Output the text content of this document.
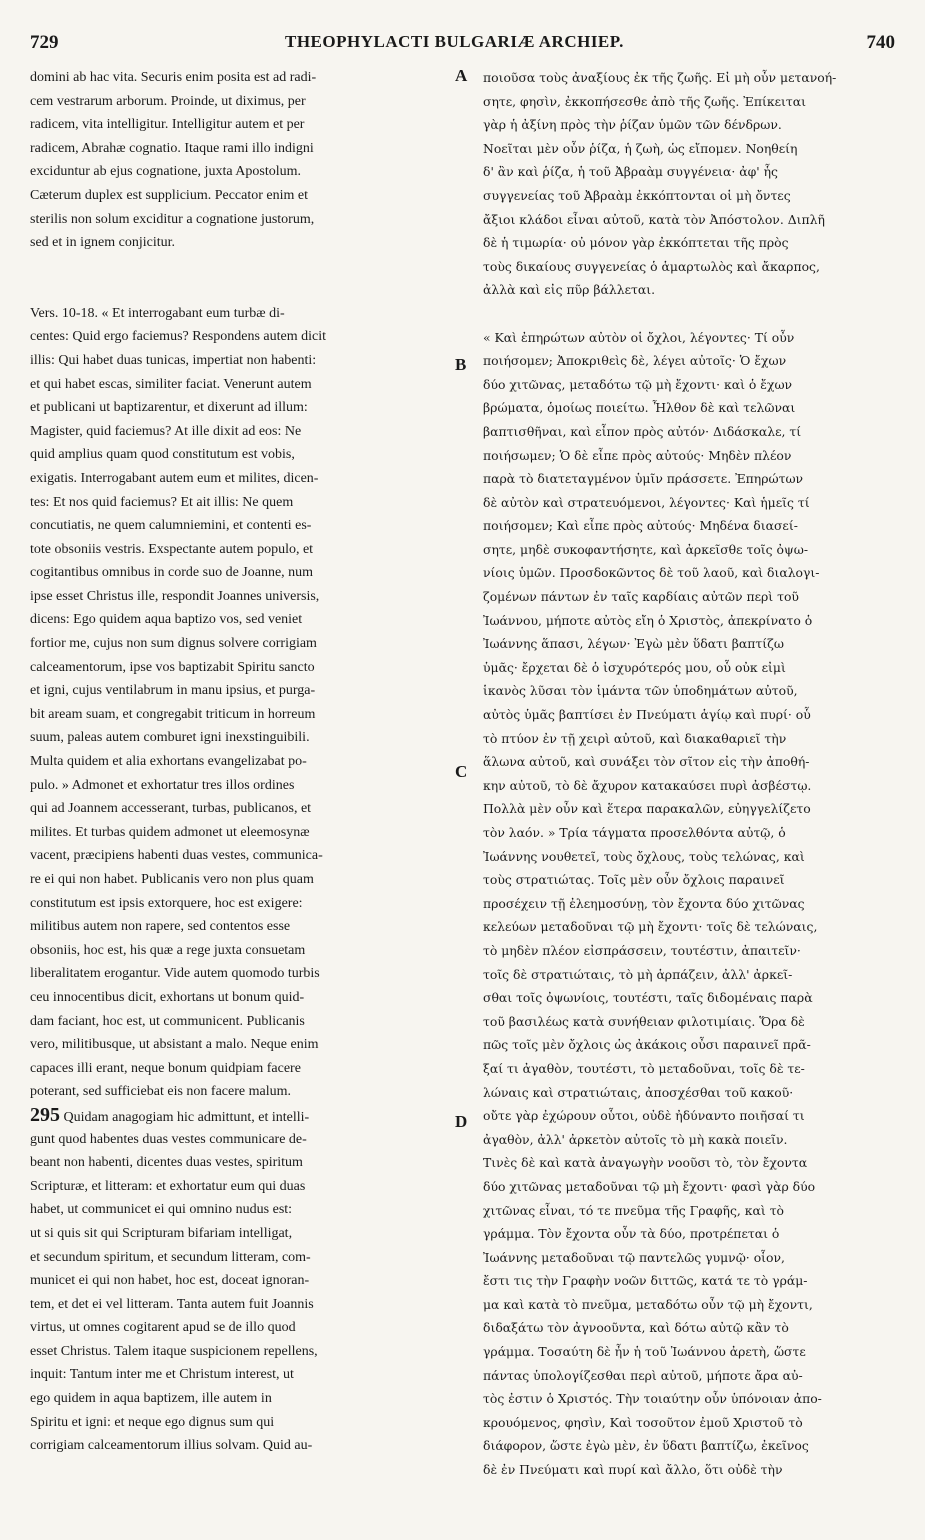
729	THEOPHYLACTI BULGARIÆ ARCHIEP.	740
domini ab hac vita. Securis enim posita est ad radi-
cem vestrarum arborum. Proinde, ut diximus, per
radicem, vita intelligitur. Intelligitur autem et per
radicem, Abrahæ cognatio. Itaque rami illo indigni
exciduntur ab ejus cognatione, juxta Apostolum.
Cæterum duplex est supplicium. Peccator enim et
sterilis non solum exciditur a cognatione justorum,
sed et in ignem conjicitur.
Vers. 10-18. « Et interrogabant eum turbæ di-
centes: Quid ergo faciemus? Respondens autem dicit
illis: Qui habet duas tunicas, impertiat non habenti:
et qui habet escas, similiter faciat. Venerunt autem
et publicani ut baptizarentur, et dixerunt ad illum:
Magister, quid faciemus? At ille dixit ad eos: Ne
quid amplius quam quod constitutum est vobis,
exigatis. Interrogabant autem eum et milites, dicen-
tes: Et nos quid faciemus? Et ait illis: Ne quem
concutiatis, ne quem calumniemini, et contenti es-
tote obsoniis vestris. Exspectante autem populo, et
cogitantibus omnibus in corde suo de Joanne, num
ipse esset Christus ille, respondit Joannes universis,
dicens: Ego quidem aqua baptizo vos, sed veniet
fortior me, cujus non sum dignus solvere corrigiam
calceamentorum, ipse vos baptizabit Spiritu sancto
et igni, cujus ventilabrum in manu ipsius, et purga-
bit aream suam, et congregabit triticum in horreum
suum, paleas autem comburet igni inexstinguibili.
Multa quidem et alia exhortans evangelizabat po-
pulo. » Admonet et exhortatur tres illos ordines
qui ad Joannem accesserant, turbas, publicanos, et
milites. Et turbas quidem admonet ut eleemosynæ
vacent, præcipiens habenti duas vestes, communica-
re ei qui non habet. Publicanis vero non plus quam
constitutum est ipsis extorquere, hoc est exigere:
militibus autem non rapere, sed contentos esse
obsoniis, hoc est, his quæ a rege juxta consuetam
liberalitatem erogantur. Vide autem quomodo turbis
ceu innocentibus dicit, exhortans ut bonum quid-
dam faciant, hoc est, ut communicent. Publicanis
vero, militibusque, ut absistant a malo. Neque enim
capaces illi erant, neque bonum quidpiam facere
poterant, sed sufficiebat eis non facere malum.
295 Quidam anagogiam hic admittunt, et intelli-
gunt quod habentes duas vestes communicare de-
beant non habenti, dicentes duas vestes, spiritum
Scripturæ, et litteram: et exhortatur eum qui duas
habet, ut communicet ei qui omnino nudus est:
ut si quis sit qui Scripturam bifariam intelligat,
et secundum spiritum, et secundum litteram, com-
municet ei qui non habet, hoc est, doceat ignoran-
tem, et det ei vel litteram. Tanta autem fuit Joannis
virtus, ut omnes cogitarent apud se de illo quod
esset Christus. Talem itaque suspicionem repellens,
inquit: Tantum inter me et Christum interest, ut
ego quidem in aqua baptizem, ille autem in
Spiritu et igni: et neque ego dignus sum qui
corrigiam calceamentorum illius solvam. Quid au-
ποιοῦσα τοὺς ἀναξίους ἐκ τῆς ζωῆς. Εἰ μὴ οὖν μετανοή-
σητε, φησὶν, ἐκκοπήσεσθε ἀπὸ τῆς ζωῆς. Ἐπίκειται
γὰρ ἡ ἀξίνη πρὸς τὴν ῥίζαν ὑμῶν τῶν δένδρων.
Νοεῖται μὲν οὖν ῥίζα, ἡ ζωὴ, ὡς εἴπομεν. Νοηθείη
δ' ἂν καὶ ῥίζα, ἡ τοῦ Ἀβραὰμ συγγένεια· ἀφ' ἧς
συγγενείας τοῦ Ἀβραὰμ ἐκκόπτονται οἱ μὴ ὄντες
ἄξιοι κλάδοι εἶναι αὐτοῦ, κατὰ τὸν Ἀπόστολον. Διπλῆ
δὲ ἡ τιμωρία· οὐ μόνον γὰρ ἐκκόπτεται τῆς πρὸς
τοὺς δικαίους συγγενείας ὁ ἁμαρτωλὸς καὶ ἄκαρπος,
ἀλλὰ καὶ εἰς πῦρ βάλλεται.
« Καὶ ἐπηρώτων αὐτὸν οἱ ὄχλοι, λέγοντες· Τί οὖν
ποιήσομεν; Ἀποκριθεὶς δὲ, λέγει αὐτοῖς· Ὁ ἔχων
δύο χιτῶνας, μεταδότω τῷ μὴ ἔχοντι· καὶ ὁ ἔχων
βρώματα, ὁμοίως ποιείτω. Ἦλθον δὲ καὶ τελῶναι
βαπτισθῆναι, καὶ εἶπον πρὸς αὐτόν· Διδάσκαλε, τί
ποιήσωμεν; Ὁ δὲ εἶπε πρὸς αὐτούς· Μηδὲν πλέον
παρὰ τὸ διατεταγμένον ὑμῖν πράσσετε. Ἐπηρώτων
δὲ αὐτὸν καὶ στρατευόμενοι, λέγοντες· Καὶ ἡμεῖς τί
ποιήσομεν; Καὶ εἶπε πρὸς αὐτούς· Μηδένα διασεί-
σητε, μηδὲ συκοφαντήσητε, καὶ ἀρκεῖσθε τοῖς ὀψω-
νίοις ὑμῶν. Προσδοκῶντος δὲ τοῦ λαοῦ, καὶ διαλογι-
ζομένων πάντων ἐν ταῖς καρδίαις αὐτῶν περὶ τοῦ
Ἰωάννου, μήποτε αὐτὸς εἴη ὁ Χριστὸς, ἀπεκρίνατο ὁ
Ἰωάννης ἅπασι, λέγων· Ἐγὼ μὲν ὕδατι βαπτίζω
ὑμᾶς· ἔρχεται δὲ ὁ ἰσχυρότερός μου, οὗ οὐκ εἰμὶ
ἱκανὸς λῦσαι τὸν ἱμάντα τῶν ὑποδημάτων αὐτοῦ,
αὐτὸς ὑμᾶς βαπτίσει ἐν Πνεύματι ἁγίῳ καὶ πυρί· οὗ
τὸ πτύον ἐν τῇ χειρὶ αὐτοῦ, καὶ διακαθαριεῖ τὴν
ἅλωνα αὐτοῦ, καὶ συνάξει τὸν σῖτον εἰς τὴν ἀποθή-
κην αὐτοῦ, τὸ δὲ ἄχυρον κατακαύσει πυρὶ ἀσβέστῳ.
Πολλὰ μὲν οὖν καὶ ἕτερα παρακαλῶν, εὐηγγελίζετο
τὸν λαόν. » Τρία τάγματα προσελθόντα αὐτῷ, ὁ
Ἰωάννης νουθετεῖ, τοὺς ὄχλους, τοὺς τελώνας, καὶ
τοὺς στρατιώτας. Τοῖς μὲν οὖν ὄχλοις παραινεῖ
προσέχειν τῇ ἐλεημοσύνῃ, τὸν ἔχοντα δύο χιτῶνας
κελεύων μεταδοῦναι τῷ μὴ ἔχοντι· τοῖς δὲ τελώναις,
τὸ μηδὲν πλέον εἰσπράσσειν, τουτέστιν, ἀπαιτεῖν·
τοῖς δὲ στρατιώταις, τὸ μὴ ἁρπάζειν, ἀλλ' ἀρκεῖ-
σθαι τοῖς ὀψωνίοις, τουτέστι, ταῖς διδομέναις παρὰ
τοῦ βασιλέως κατὰ συνήθειαν φιλοτιμίαις. Ὅρα δὲ
πῶς τοῖς μὲν ὄχλοις ὡς ἀκάκοις οὖσι παραινεῖ πρᾶ-
ξαί τι ἀγαθὸν, τουτέστι, τὸ μεταδοῦναι, τοῖς δὲ τε-
λώναις καὶ στρατιώταις, ἀποσχέσθαι τοῦ κακοῦ·
οὔτε γὰρ ἐχώρουν οὗτοι, οὐδὲ ἠδύναντο ποιῆσαί τι
ἀγαθὸν, ἀλλ' ἀρκετὸν αὐτοῖς τὸ μὴ κακὰ ποιεῖν.
Τινὲς δὲ καὶ κατὰ ἀναγωγὴν νοοῦσι τὸ, τὸν ἔχοντα
δύο χιτῶνας μεταδοῦναι τῷ μὴ ἔχοντι· φασὶ γὰρ δύο
χιτῶνας εἶναι, τό τε πνεῦμα τῆς Γραφῆς, καὶ τὸ
γράμμα. Τὸν ἔχοντα οὖν τὰ δύο, προτρέπεται ὁ
Ἰωάννης μεταδοῦναι τῷ παντελῶς γυμνῷ· οἷον,
ἔστι τις τὴν Γραφὴν νοῶν διττῶς, κατά τε τὸ γράμ-
μα καὶ κατὰ τὸ πνεῦμα, μεταδότω οὖν τῷ μὴ ἔχοντι,
διδαξάτω τὸν ἀγνοοῦντα, καὶ δότω αὐτῷ κἂν τὸ
γράμμα. Τοσαύτη δὲ ἦν ἡ τοῦ Ἰωάννου ἀρετὴ, ὥστε
πάντας ὑπολογίζεσθαι περὶ αὐτοῦ, μήποτε ἄρα αὐ-
τὸς ἐστιν ὁ Χριστός. Τὴν τοιαύτην οὖν ὑπόνοιαν ἀπο-
κρουόμενος, φησὶν, Καὶ τοσοῦτον ἐμοῦ Χριστοῦ τὸ
διάφορον, ὥστε ἐγὼ μὲν, ἐν ὕδατι βαπτίζω, ἐκεῖνος
δὲ ἐν Πνεύματι καὶ πυρί καὶ ἄλλο, ὅτι οὐδὲ τὴν
A
B
C
D
